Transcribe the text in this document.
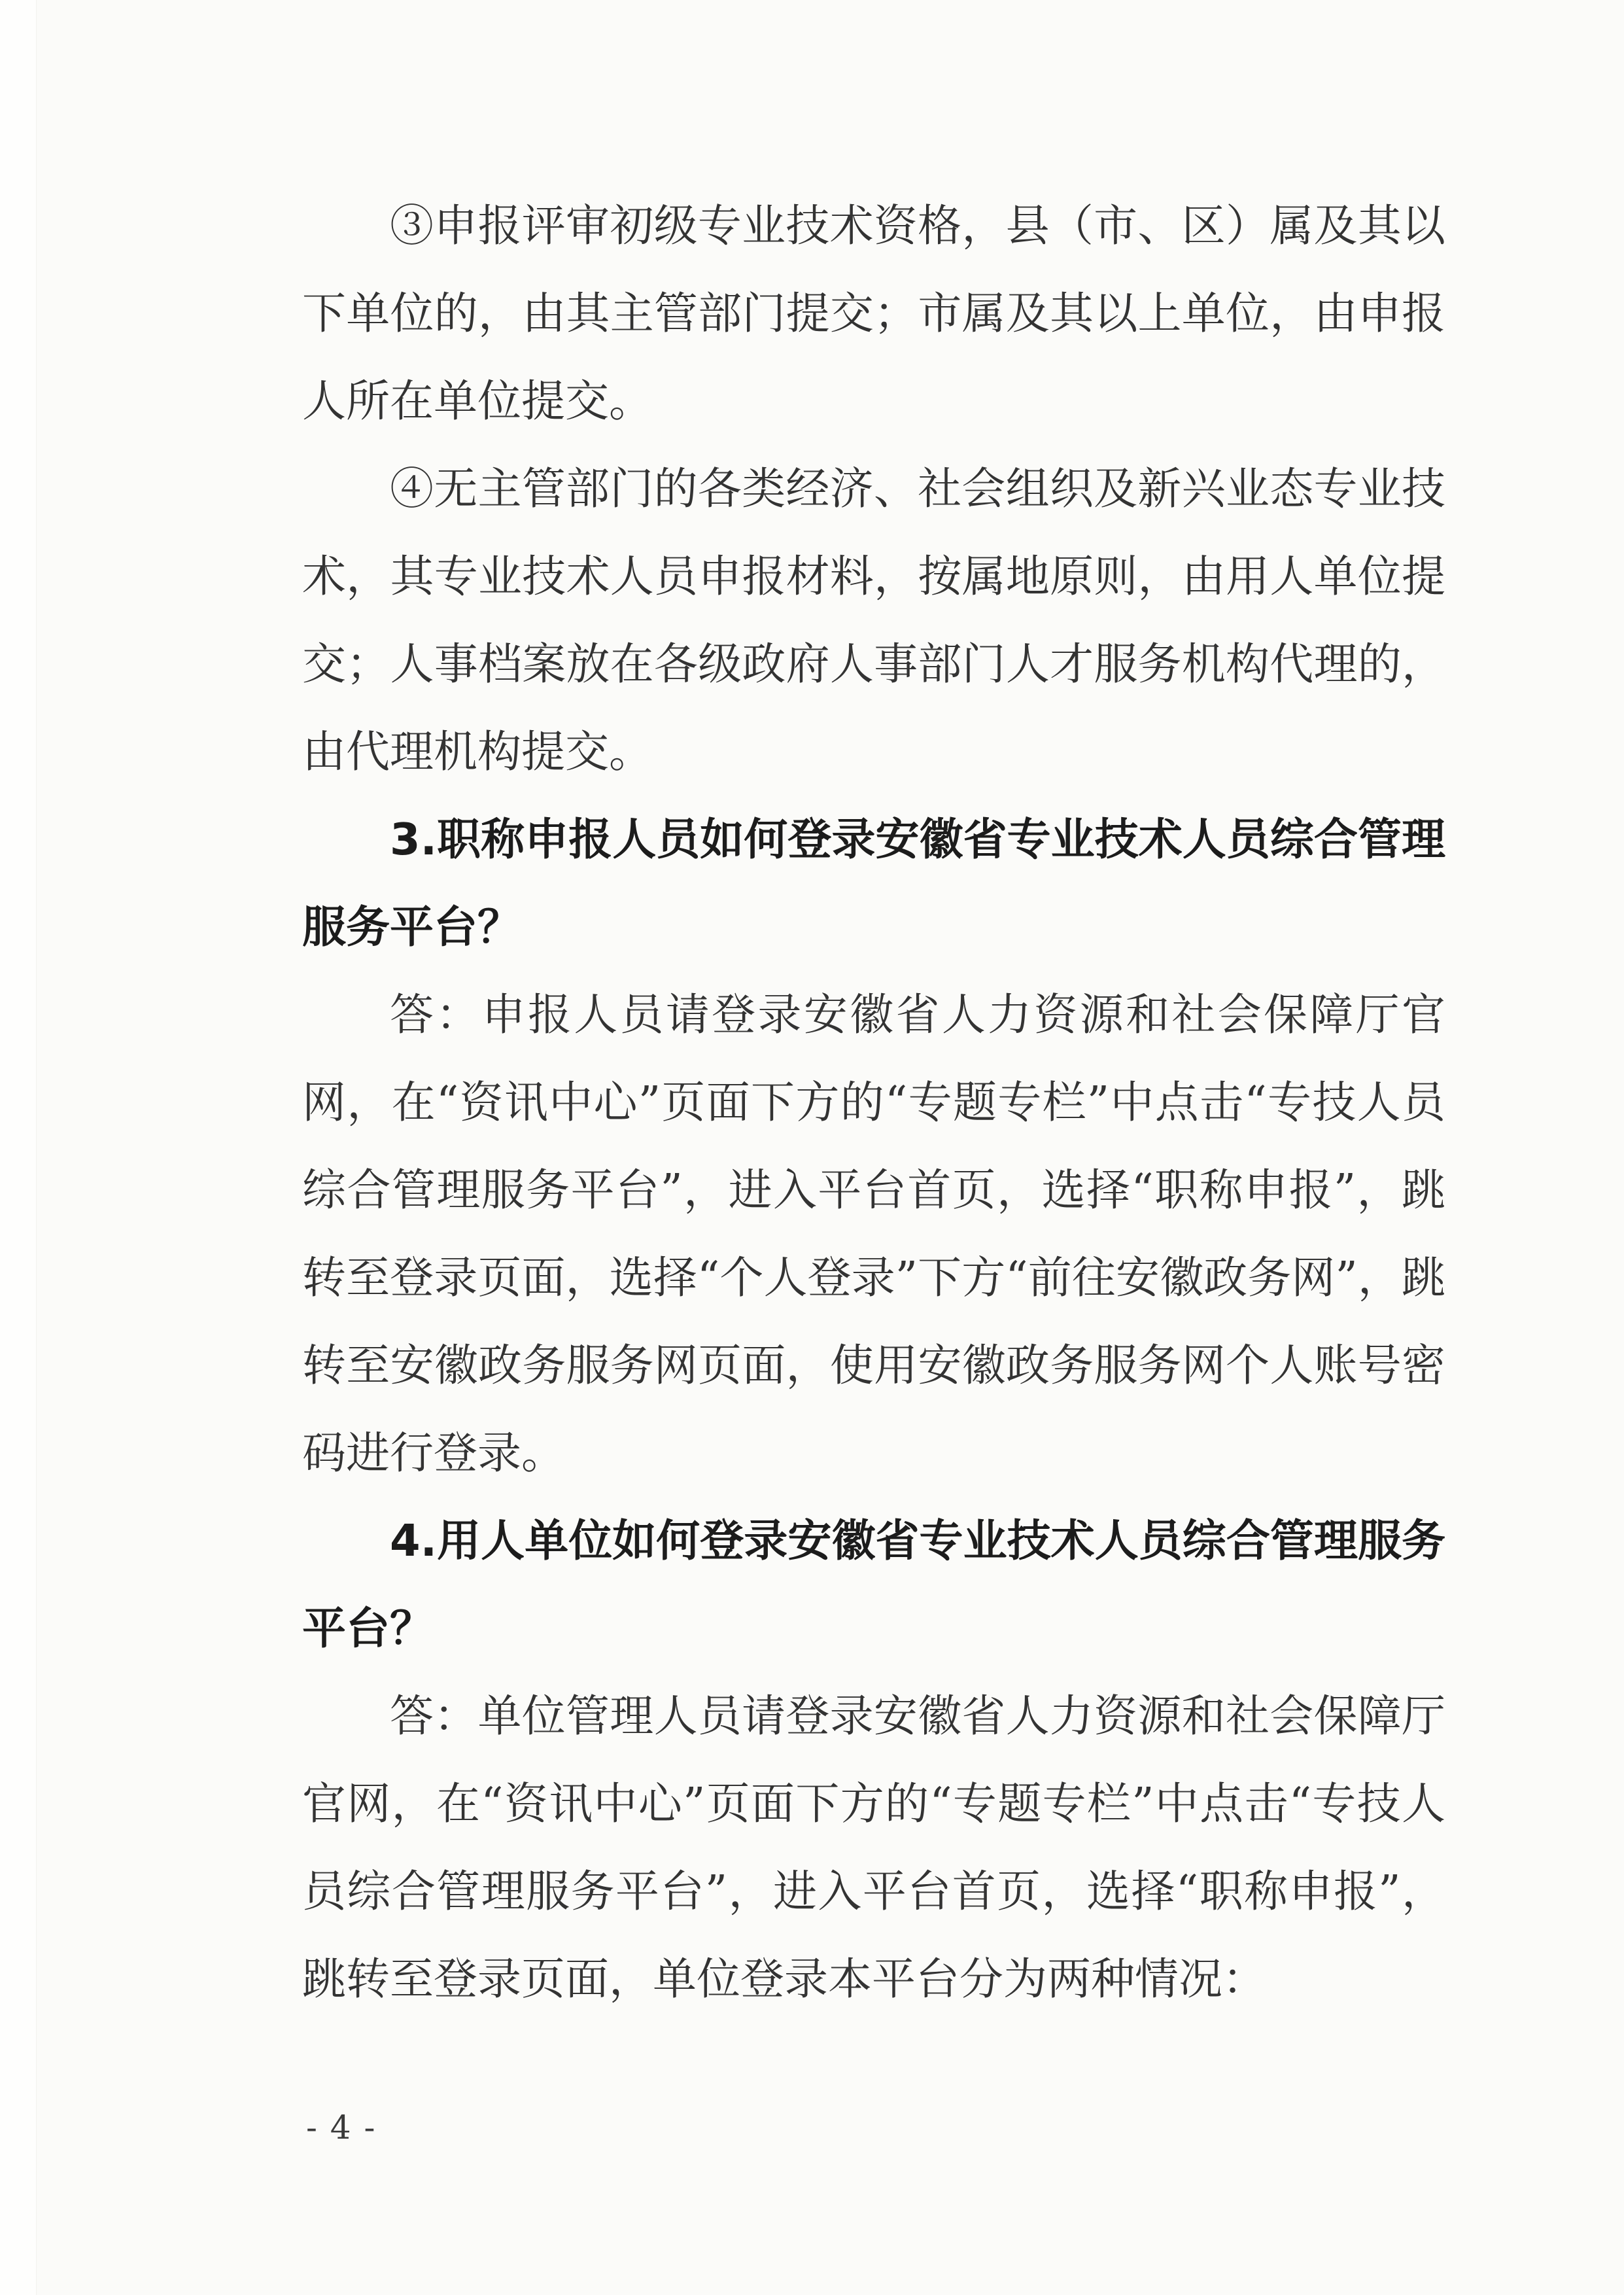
③申报评审初级专业技术资格，县（市、区）属及其以下单位的，由其主管部门提交；市属及其以上单位，由申报人所在单位提交。

④无主管部门的各类经济、社会组织及新兴业态专业技术，其专业技术人员申报材料，按属地原则，由用人单位提交；人事档案放在各级政府人事部门人才服务机构代理的，由代理机构提交。

3.职称申报人员如何登录安徽省专业技术人员综合管理服务平台？

答：申报人员请登录安徽省人力资源和社会保障厅官网，在“资讯中心”页面下方的“专题专栏”中点击“专技人员综合管理服务平台”，进入平台首页，选择“职称申报”，跳转至登录页面，选择“个人登录”下方“前往安徽政务网”，跳转至安徽政务服务网页面，使用安徽政务服务网个人账号密码进行登录。

4.用人单位如何登录安徽省专业技术人员综合管理服务平台？

答：单位管理人员请登录安徽省人力资源和社会保障厅官网，在“资讯中心”页面下方的“专题专栏”中点击“专技人员综合管理服务平台”，进入平台首页，选择“职称申报”，跳转至登录页面，单位登录本平台分为两种情况：

- 4 -
